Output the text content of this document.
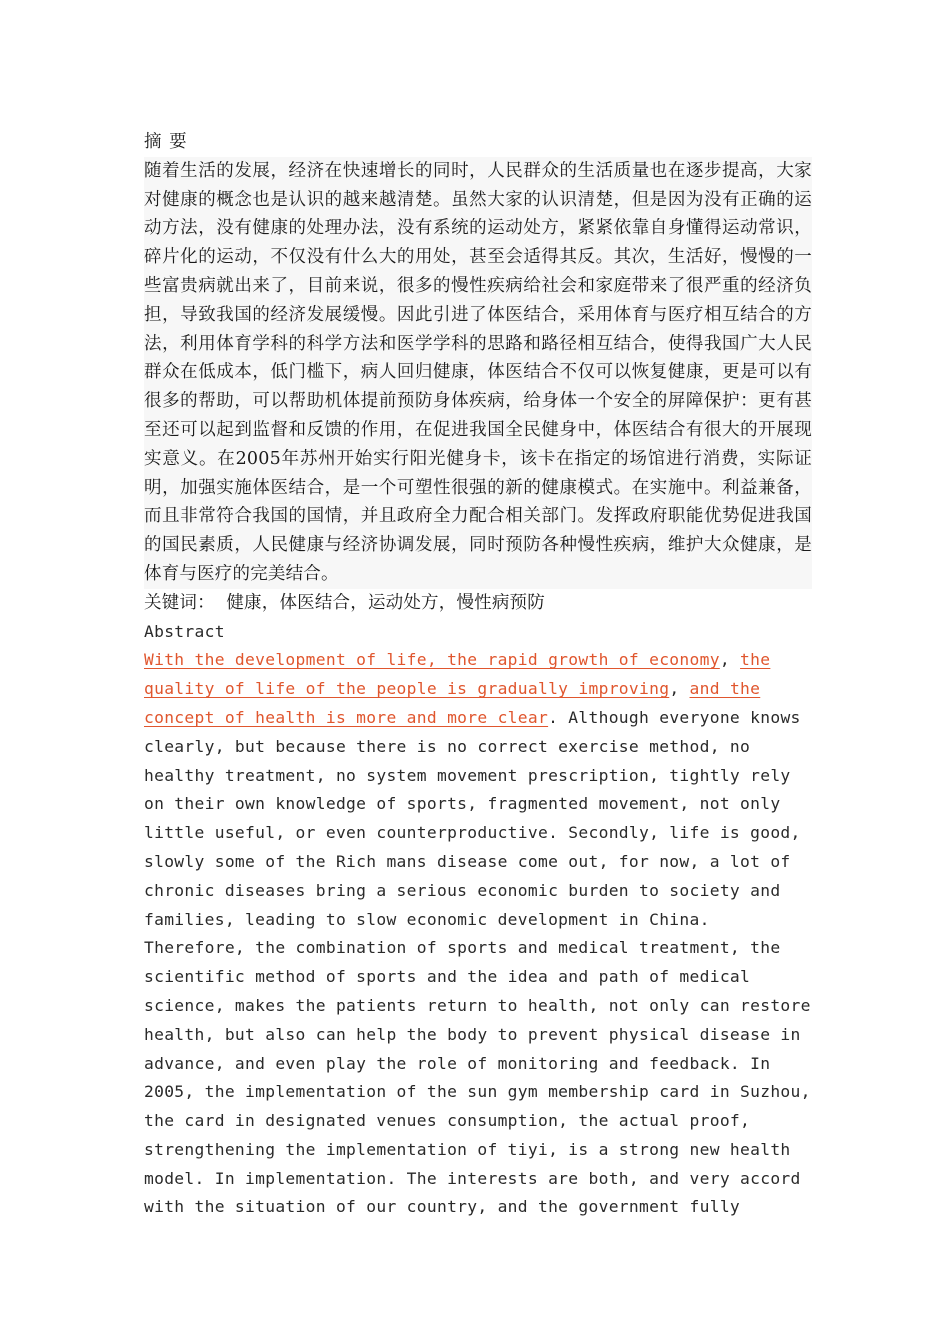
摘 要

随着生活的发展，经济在快速增长的同时，人民群众的生活质量也在逐步提高，大家对健康的概念也是认识的越来越清楚。虽然大家的认识清楚，但是因为没有正确的运动方法，没有健康的处理办法，没有系统的运动处方，紧紧依靠自身懂得运动常识，碎片化的运动，不仅没有什么大的用处，甚至会适得其反。其次，生活好，慢慢的一些富贵病就出来了，目前来说，很多的慢性疾病给社会和家庭带来了很严重的经济负担，导致我国的经济发展缓慢。因此引进了体医结合，采用体育与医疗相互结合的方法，利用体育学科的科学方法和医学学科的思路和路径相互结合，使得我国广大人民群众在低成本，低门槛下，病人回归健康，体医结合不仅可以恢复健康，更是可以有很多的帮助，可以帮助机体提前预防身体疾病，给身体一个安全的屏障保护：更有甚至还可以起到监督和反馈的作用，在促进我国全民健身中，体医结合有很大的开展现实意义。在2005年苏州开始实行阳光健身卡，该卡在指定的场馆进行消费，实际证明，加强实施体医结合，是一个可塑性很强的新的健康模式。在实施中。利益兼备，而且非常符合我国的国情，并且政府全力配合相关部门。发挥政府职能优势促进我国的国民素质，人民健康与经济协调发展，同时预防各种慢性疾病，维护大众健康，是体育与医疗的完美结合。

关键词： 健康，体医结合，运动处方，慢性病预防

Abstract

With the development of life, the rapid growth of economy, the quality of life of the people is gradually improving, and the concept of health is more and more clear. Although everyone knows clearly, but because there is no correct exercise method, no healthy treatment, no system movement prescription, tightly rely on their own knowledge of sports, fragmented movement, not only little useful, or even counterproductive. Secondly, life is good, slowly some of the Rich mans disease come out, for now, a lot of chronic diseases bring a serious economic burden to society and families, leading to slow economic development in China. Therefore, the combination of sports and medical treatment, the scientific method of sports and the idea and path of medical science, makes the patients return to health, not only can restore health, but also can help the body to prevent physical disease in advance, and even play the role of monitoring and feedback. In 2005, the implementation of the sun gym membership card in Suzhou, the card in designated venues consumption, the actual proof, strengthening the implementation of tiyi, is a strong new health model. In implementation. The interests are both, and very accord with the situation of our country, and the government fully
